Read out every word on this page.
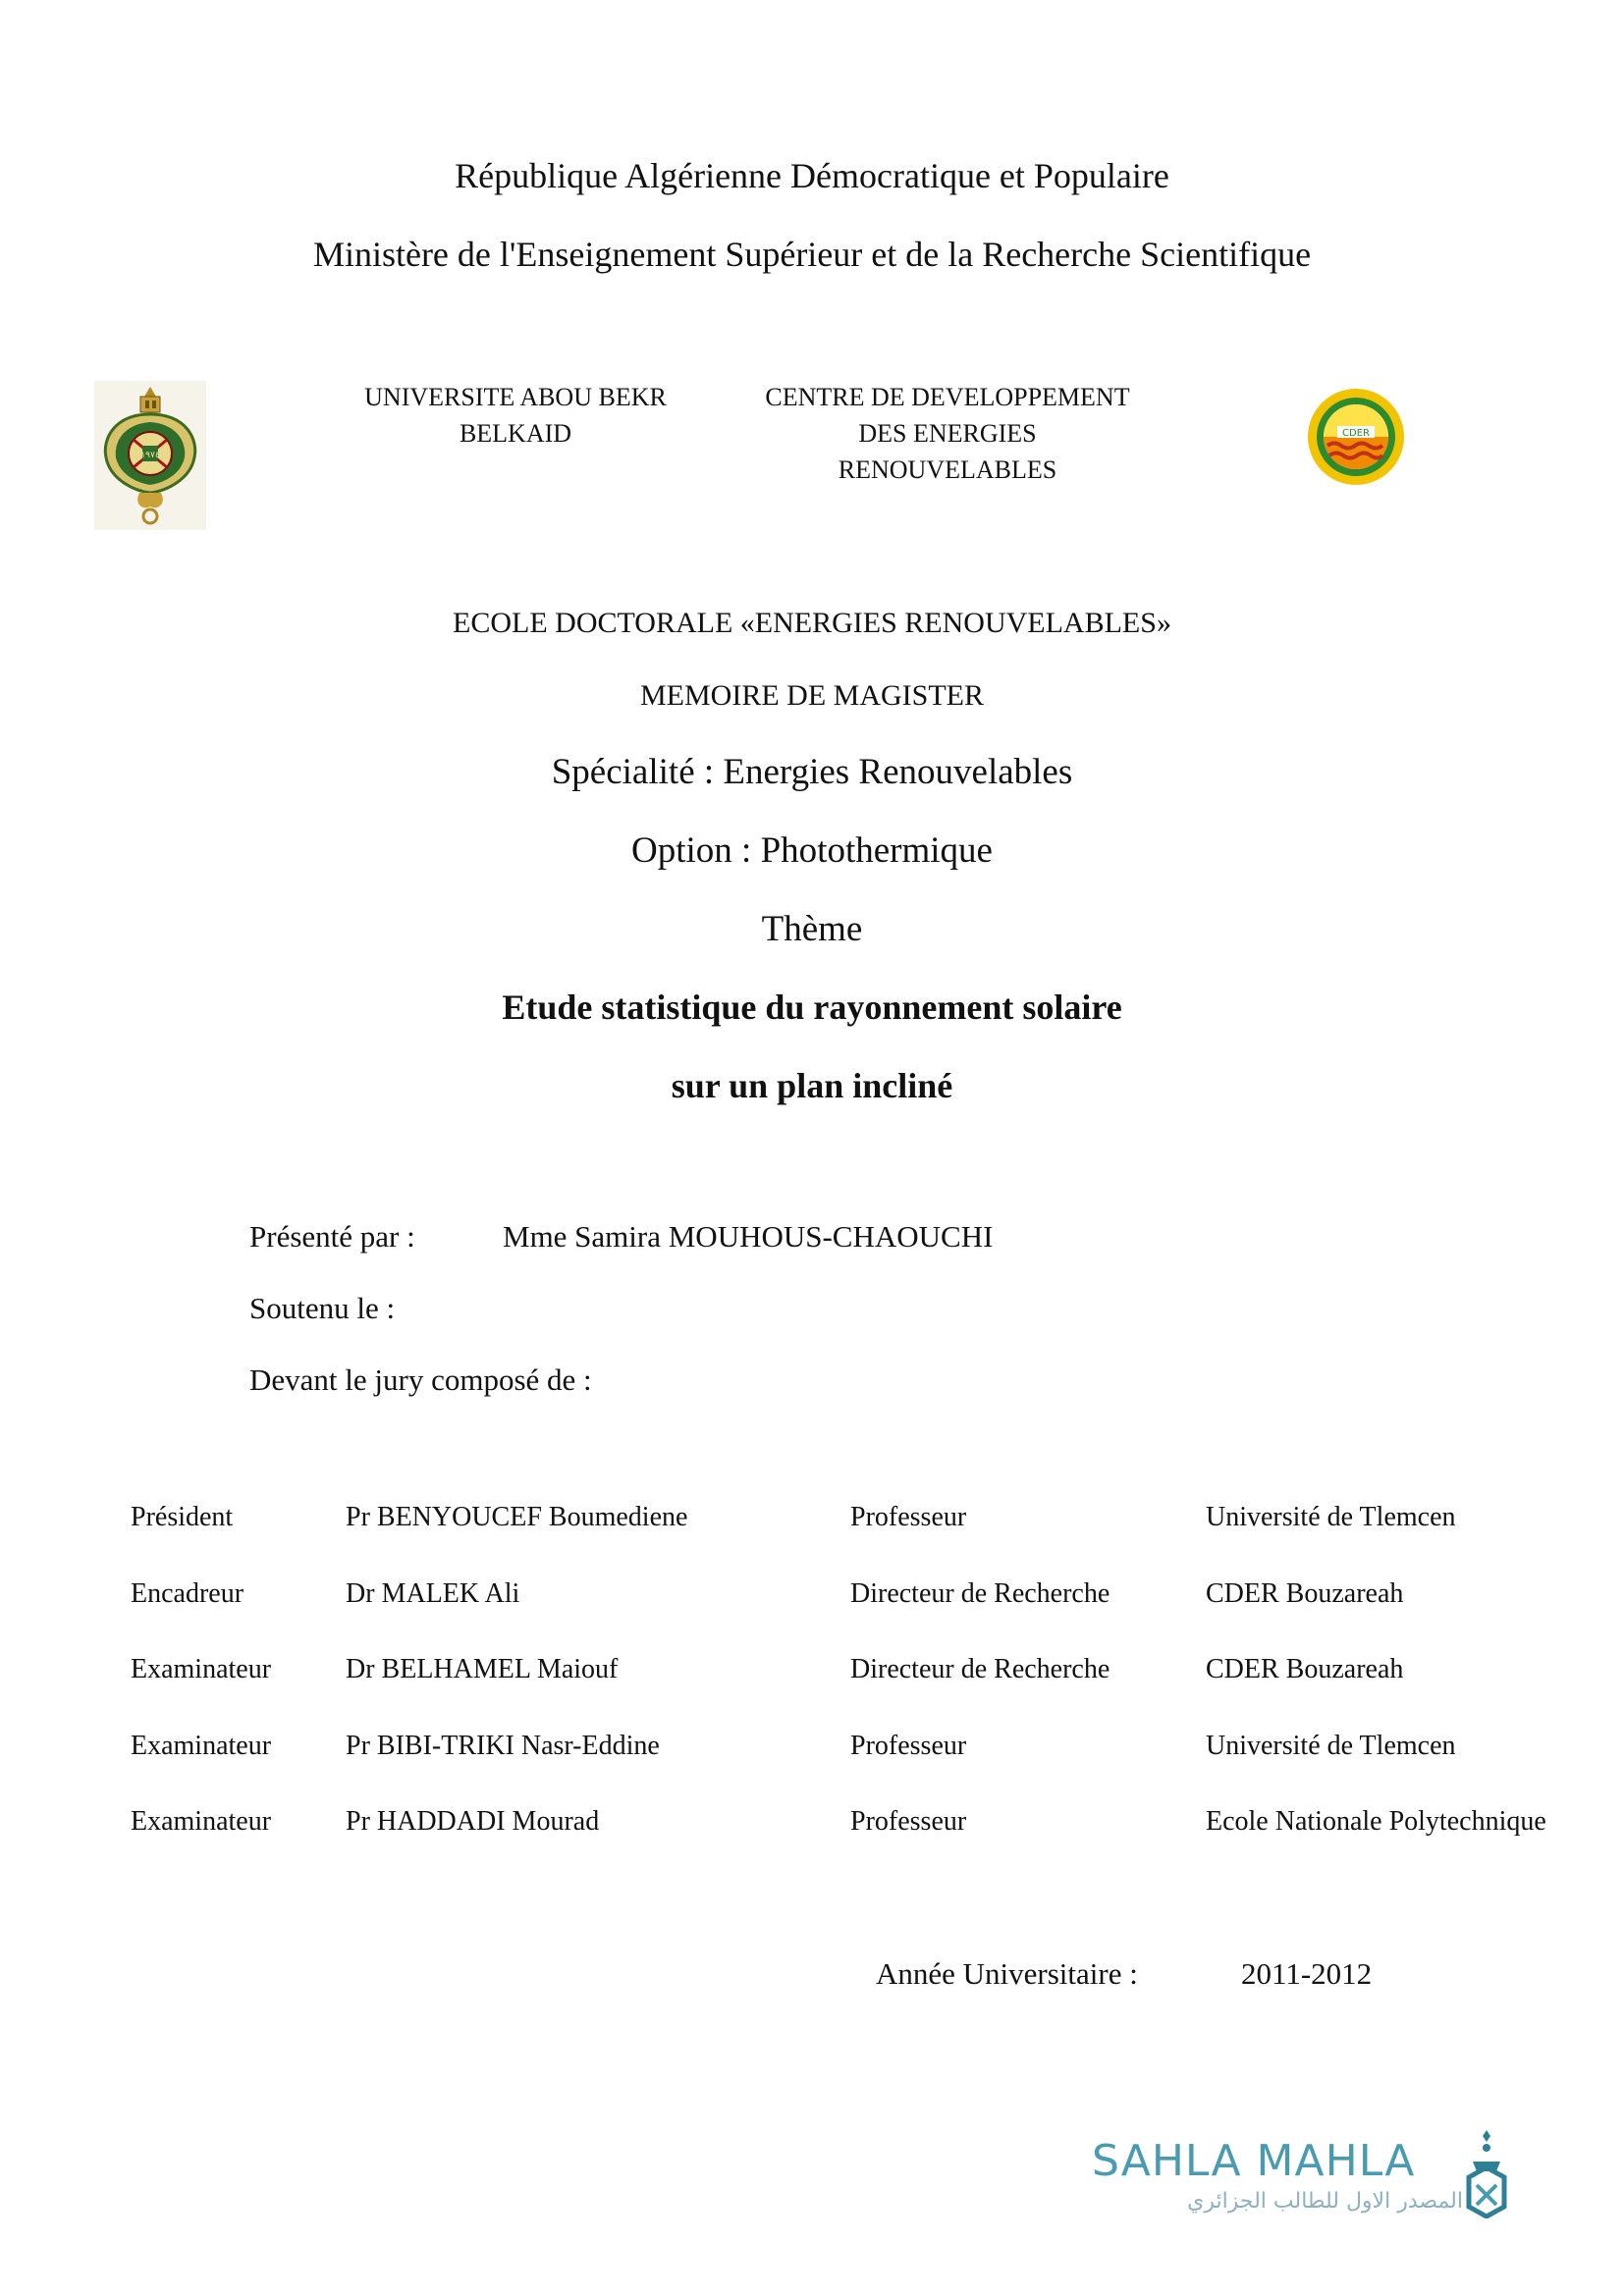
République Algérienne Démocratique et Populaire
Ministère de l'Enseignement Supérieur et de la Recherche Scientifique
١٩٧٤
UNIVERSITE ABOU BEKR
BELKAID
CENTRE DE DEVELOPPEMENT
DES ENERGIES
RENOUVELABLES
CDER
ECOLE DOCTORALE «ENERGIES RENOUVELABLES»
MEMOIRE DE MAGISTER
Spécialité : Energies Renouvelables
Option : Photothermique
Thème
Etude statistique du rayonnement solaire
sur un plan incliné
Présenté par :	Mme Samira MOUHOUS-CHAOUCHI
Soutenu le :
Devant le jury composé de :
Président	Pr BENYOUCEF Boumediene	Professeur	Université de Tlemcen
Encadreur	Dr MALEK Ali	Directeur de Recherche	CDER Bouzareah
Examinateur	Dr BELHAMEL Maiouf	Directeur de Recherche	CDER Bouzareah
Examinateur	Pr BIBI-TRIKI Nasr-Eddine	Professeur	Université de Tlemcen
Examinateur	Pr HADDADI Mourad	Professeur	Ecole Nationale Polytechnique
Année Universitaire :	2011-2012
SAHLA MAHLA
المصدر الاول للطالب الجزائري
